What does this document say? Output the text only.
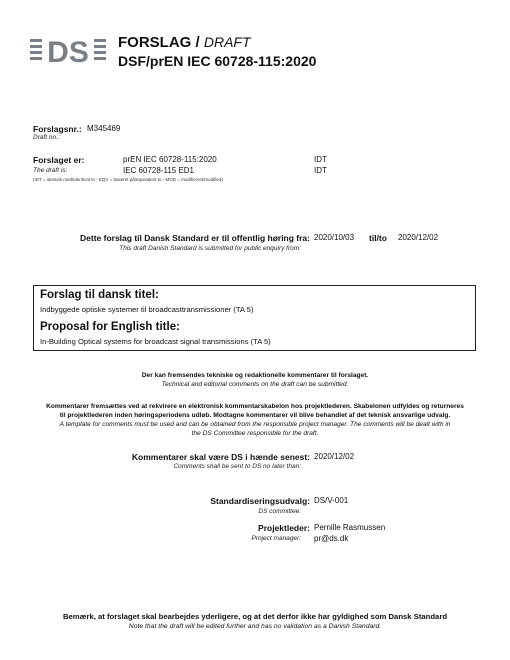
DS FORSLAG / DRAFT
DSF/prEN IEC 60728-115:2020
Forslagsnr.:
Draft no.:
M345469
Forslaget er:
The draft is:
prEN IEC 60728-115:2020
IEC 60728-115 ED1
IDT
IDT
(IDT = identisk med/identical to - EQV = baseret på/equivalent to - MOD = modificeret/modified)
Dette forslag til Dansk Standard er til offentlig høring fra:
This draft Danish Standard is submitted for public enquiry from:
2020/10/03 til/to 2020/12/02
Forslag til dansk titel:
Indbyggede optiske systemer til broadcasttransmissioner (TA 5)
Proposal for English title:
In-Building Optical systems for broadcast signal transmissions (TA 5)
Der kan fremsendes tekniske og redaktionelle kommentarer til forslaget.
Technical and editorial comments on the draft can be submitted.
Kommentarer fremsættes ved at rekvirere en elektronisk kommentarskabelon hos projektlederen. Skabelonen udfyldes og returneres
til projektlederen inden høringsperiodens udløb. Modtagne kommentarer vil blive behandlet af det teknisk ansvarlige udvalg.
A template for comments must be used and can be obtained from the responsible project manager. The comments will be dealt with in
the DS Committee responsible for the draft.
Kommentarer skal være DS i hænde senest:
Comments shall be sent to DS no later than:
2020/12/02
Standardiseringsudvalg:
DS committee:
DS/V-001
Projektleder:
Project manager:
Pernille Rasmussen
pr@ds.dk
Bemærk, at forslaget skal bearbejdes yderligere, og at det derfor ikke har gyldighed som Dansk Standard
Note that the draft will be edited further and has no validation as a Danish Standard.
